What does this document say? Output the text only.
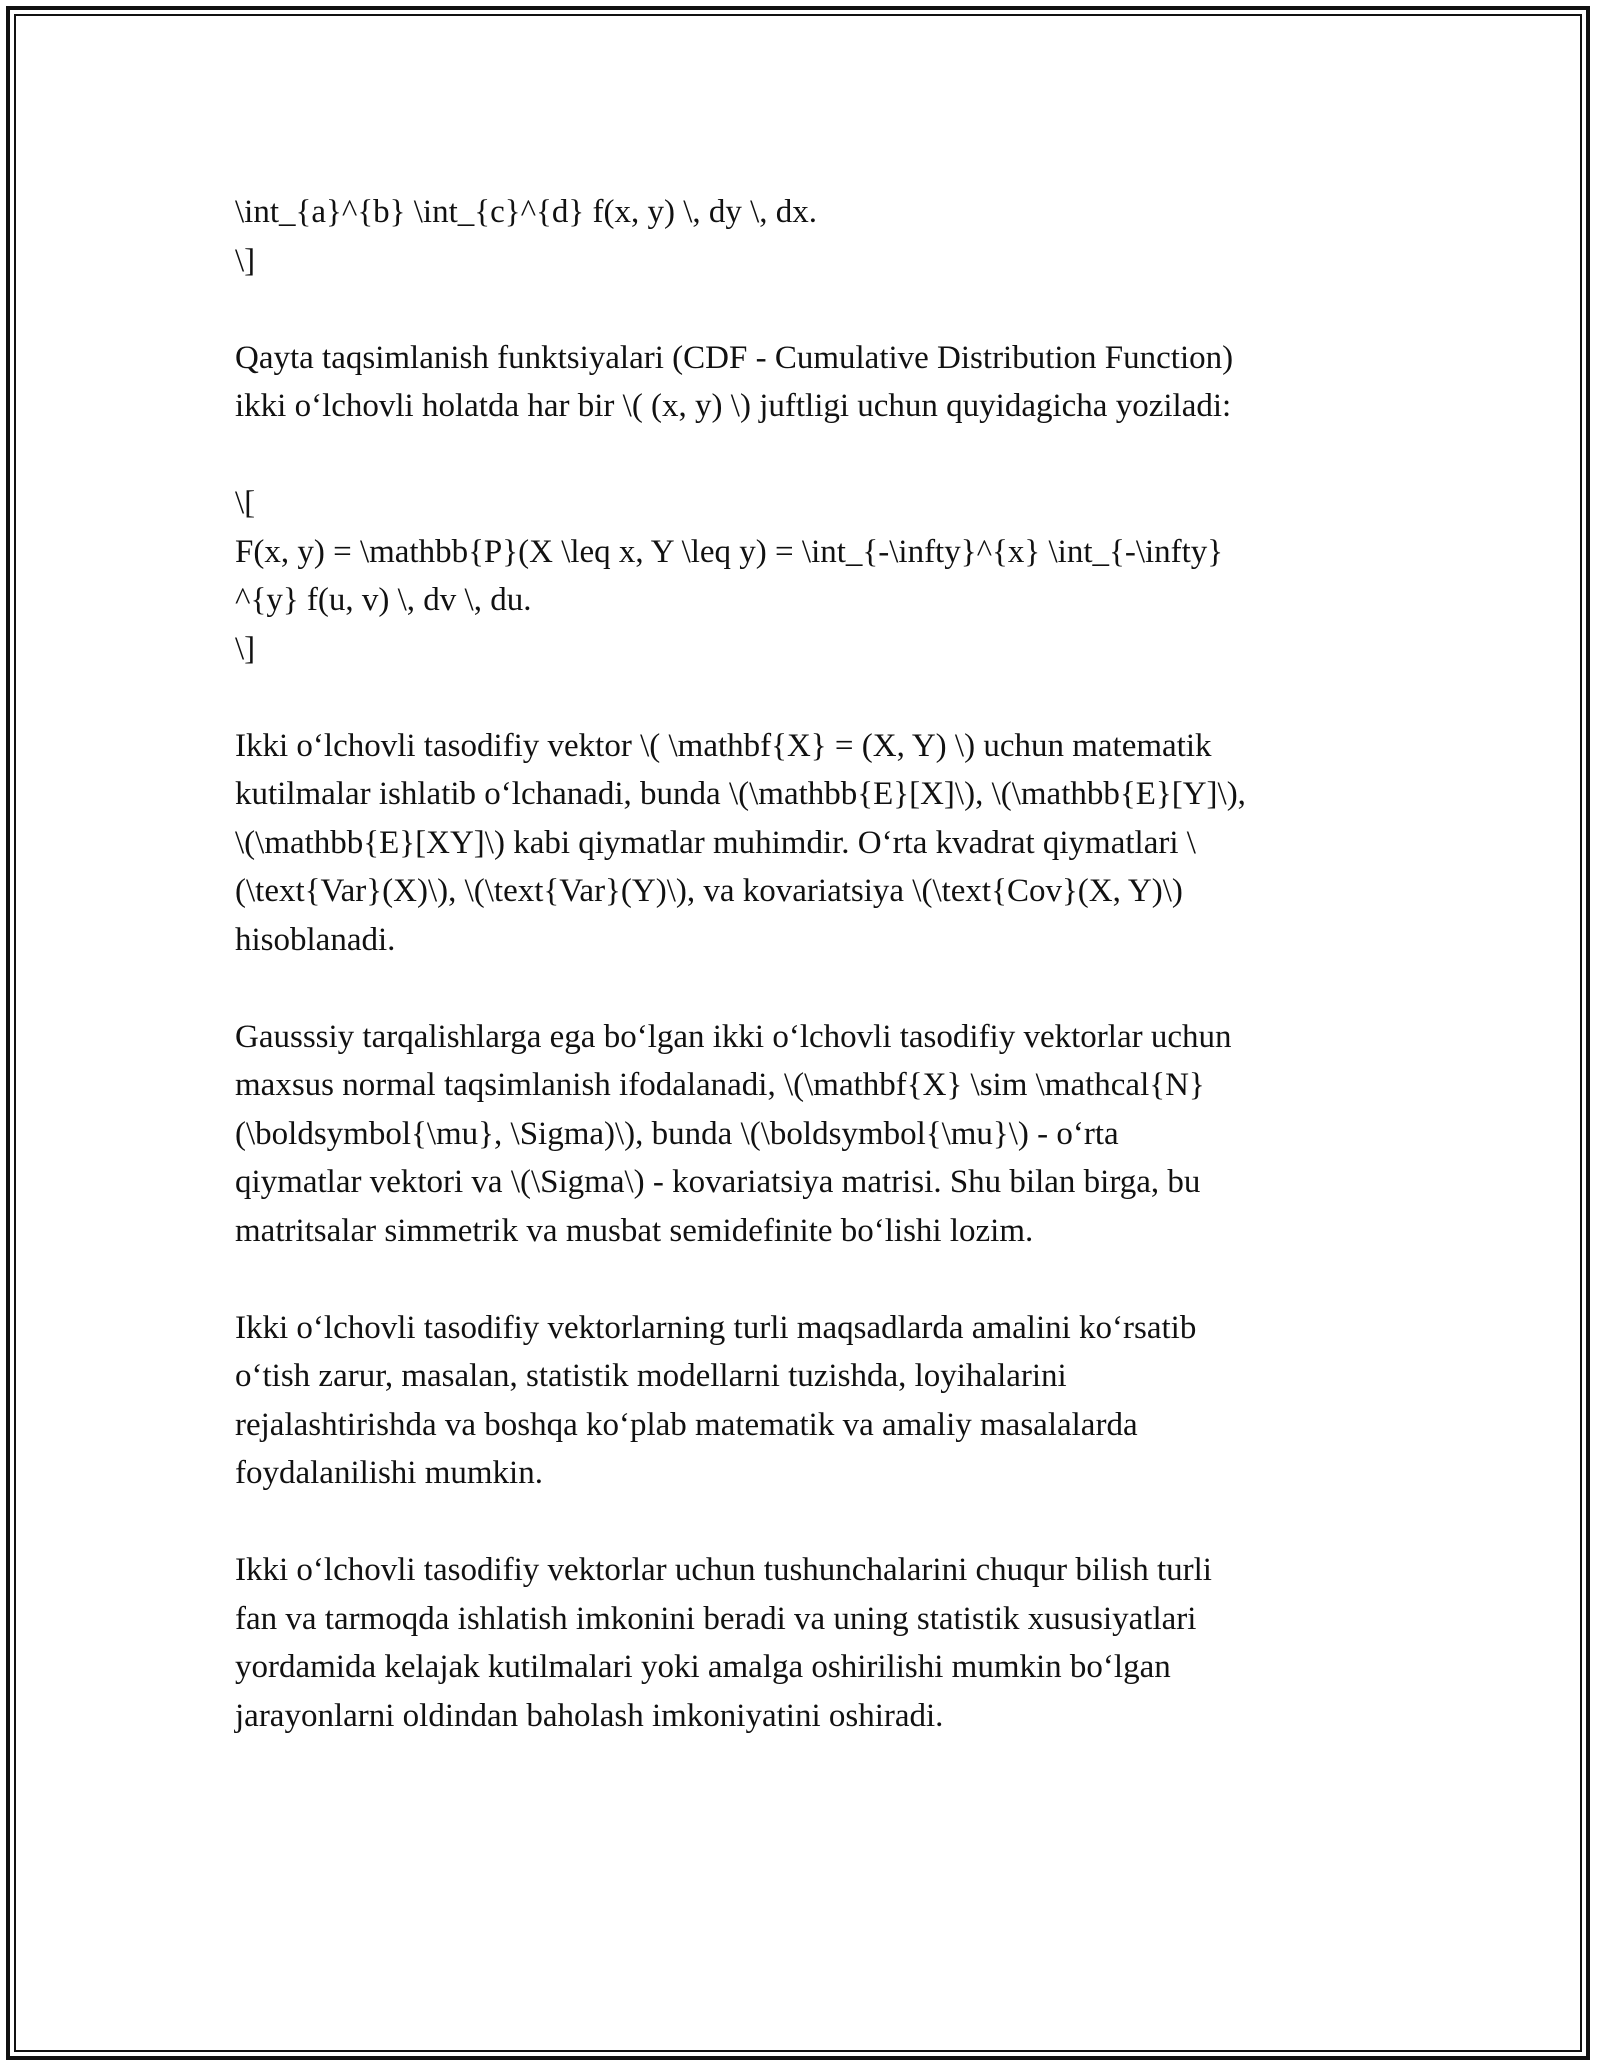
\int_{a}^{b} \int_{c}^{d} f(x, y) \, dy \, dx.
\]
Qayta taqsimlanish funktsiyalari (CDF - Cumulative Distribution Function)
ikki o‘lchovli holatda har bir \( (x, y) \) juftligi uchun quyidagicha yoziladi:
\[
F(x, y) = \mathbb{P}(X \leq x, Y \leq y) = \int_{-\infty}^{x} \int_{-\infty}
^{y} f(u, v) \, dv \, du.
\]
Ikki o‘lchovli tasodifiy vektor \( \mathbf{X} = (X, Y) \) uchun matematik
kutilmalar ishlatib o‘lchanadi, bunda \(\mathbb{E}[X]\), \(\mathbb{E}[Y]\),
\(\mathbb{E}[XY]\) kabi qiymatlar muhimdir. O‘rta kvadrat qiymatlari \
(\text{Var}(X)\), \(\text{Var}(Y)\), va kovariatsiya \(\text{Cov}(X, Y)\)
hisoblanadi.
Gausssiy tarqalishlarga ega bo‘lgan ikki o‘lchovli tasodifiy vektorlar uchun
maxsus normal taqsimlanish ifodalanadi, \(\mathbf{X} \sim \mathcal{N}
(\boldsymbol{\mu}, \Sigma)\), bunda \(\boldsymbol{\mu}\) - o‘rta
qiymatlar vektori va \(\Sigma\) - kovariatsiya matrisi. Shu bilan birga, bu
matritsalar simmetrik va musbat semidefinite bo‘lishi lozim.
Ikki o‘lchovli tasodifiy vektorlarning turli maqsadlarda amalini ko‘rsatib
o‘tish zarur, masalan, statistik modellarni tuzishda, loyihalarini
rejalashtirishda va boshqa ko‘plab matematik va amaliy masalalarda
foydalanilishi mumkin.
Ikki o‘lchovli tasodifiy vektorlar uchun tushunchalarini chuqur bilish turli
fan va tarmoqda ishlatish imkonini beradi va uning statistik xususiyatlari
yordamida kelajak kutilmalari yoki amalga oshirilishi mumkin bo‘lgan
jarayonlarni oldindan baholash imkoniyatini oshiradi.
